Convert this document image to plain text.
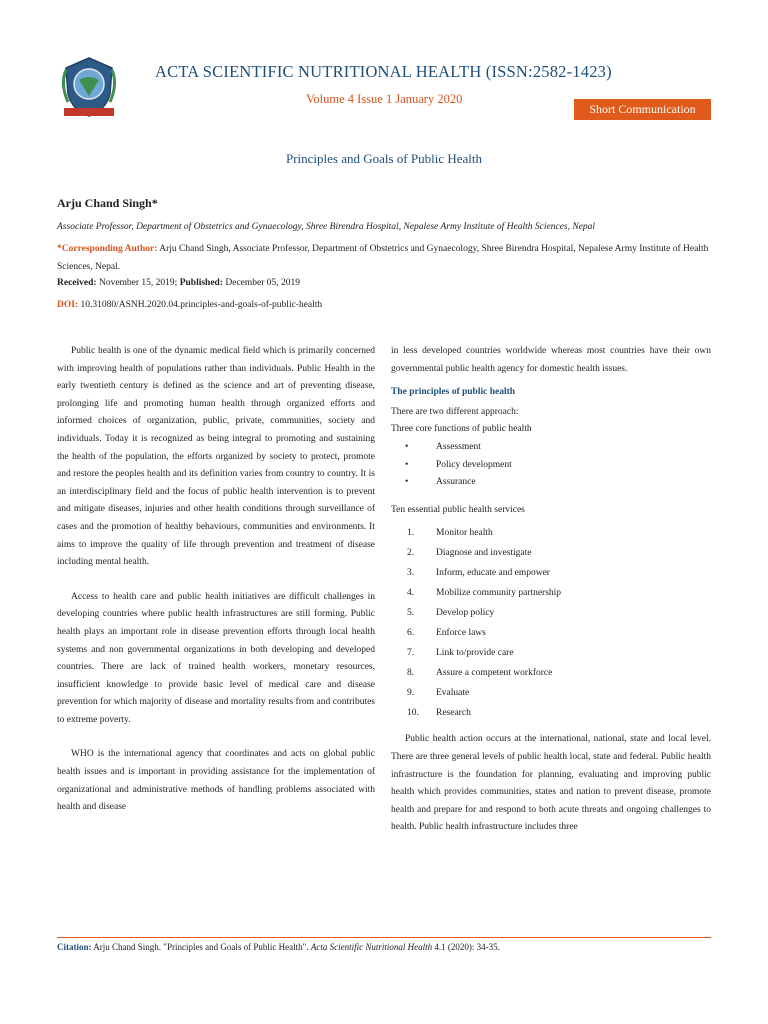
ACTA SCIENTIFIC NUTRITIONAL HEALTH (ISSN:2582-1423)
Volume 4 Issue 1 January 2020
Short Communication
Principles and Goals of Public Health
Arju Chand Singh*
Associate Professor, Department of Obstetrics and Gynaecology, Shree Birendra Hospital, Nepalese Army Institute of Health Sciences, Nepal
*Corresponding Author: Arju Chand Singh, Associate Professor, Department of Obstetrics and Gynaecology, Shree Birendra Hospital, Nepalese Army Institute of Health Sciences, Nepal.
Received: November 15, 2019; Published: December 05, 2019
DOI: 10.31080/ASNH.2020.04.principles-and-goals-of-public-health

Public health is one of the dynamic medical field which is primarily concerned with improving health of populations rather than individuals. Public Health in the early twentieth century is defined as the science and art of preventing disease, prolonging life and promoting human health through organized efforts and informed choices of organization, public, private, communities, society and individuals. Today it is recognized as being integral to promoting and sustaining the health of the population, the efforts organized by society to protect, promote and restore the peoples health and its definition varies from country to country. It is an interdisciplinary field and the focus of public health intervention is to prevent and mitigate diseases, injuries and other health conditions through surveillance of cases and the promotion of healthy behaviours, communities and environments. It aims to improve the quality of life through prevention and treatment of disease including mental health.

Access to health care and public health initiatives are difficult challenges in developing countries where public health infrastructures are still forming. Public health plays an important role in disease prevention efforts through local health systems and non governmental organizations in both developing and developed countries. There are lack of trained health workers, monetary resources, insufficient knowledge to provide basic level of medical care and disease prevention for which majority of disease and mortality results from and contributes to extreme poverty.

WHO is the international agency that coordinates and acts on global public health issues and is important in providing assistance for the implementation of organizational and administrative methods of handling problems associated with health and disease

in less developed countries worldwide whereas most countries have their own governmental public health agency for domestic health issues.

The principles of public health

There are two different approach:

Three core functions of public health

• Assessment
• Policy development
• Assurance

Ten essential public health services

1.	Monitor health
2.	Diagnose and investigate
3.	Inform, educate and empower
4.	Mobilize community partnership
5.	Develop policy
6.	Enforce laws
7.	Link to/provide care
8.	Assure a competent workforce
9.	Evaluate
10.	Research

Public health action occurs at the international, national, state and local level. There are three general levels of public health local, state and federal. Public health infrastructure is the foundation for planning, evaluating and improving public health which provides communities, states and nation to prevent disease, promote health and prepare for and respond to both acute threats and ongoing challenges to health. Public health infrastructure includes three

Citation: Arju Chand Singh. "Principles and Goals of Public Health". Acta Scientific Nutritional Health 4.1 (2020): 34-35.
